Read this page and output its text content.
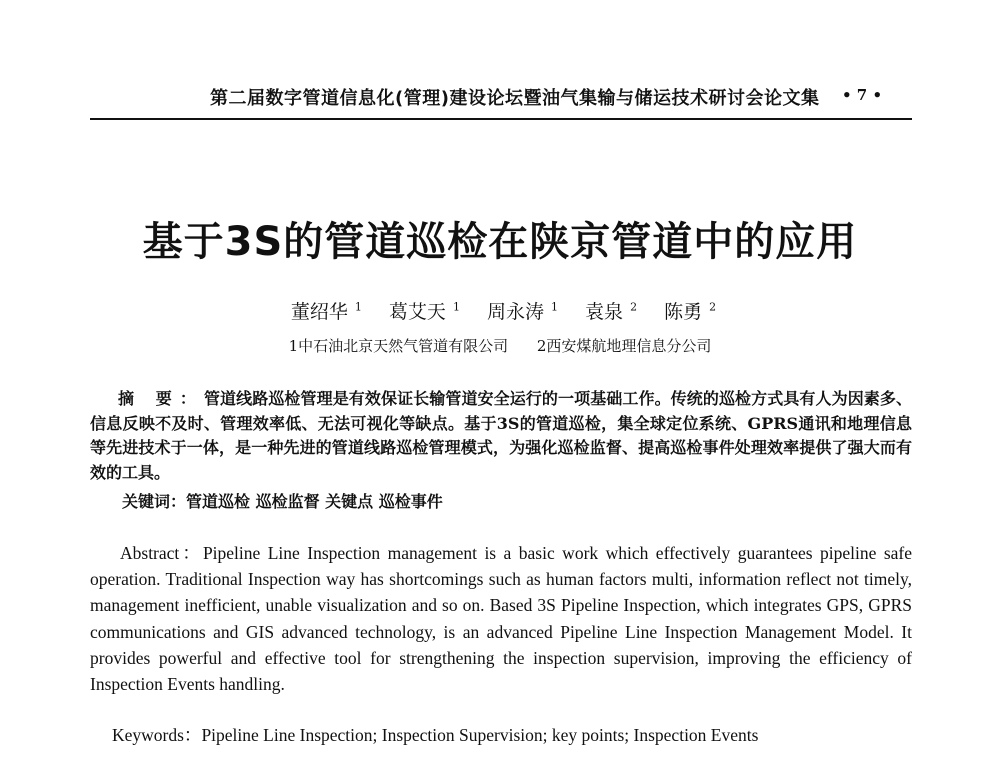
第二届数字管道信息化(管理)建设论坛暨油气集输与储运技术研讨会论文集 • 7 •
基于3S的管道巡检在陕京管道中的应用
董绍华 $^1$ 葛艾天 $^1$ 周永涛 $^1$ 袁泉 $^2$ 陈勇 $^2$
1中石油北京天然气管道有限公司 2西安煤航地理信息分公司
摘 要：管道线路巡检管理是有效保证长输管道安全运行的一项基础工作。传统的巡检方式具有人为因素多、信息反映不及时、管理效率低、无法可视化等缺点。基于3S的管道巡检，集全球定位系统、GPRS通讯和地理信息等先进技术于一体，是一种先进的管道线路巡检管理模式，为强化巡检监督、提高巡检事件处理效率提供了强大而有效的工具。
关键词：管道巡检 巡检监督 关键点 巡检事件
Abstract：Pipeline Line Inspection management is a basic work which effectively guarantees pipeline safe operation. Traditional Inspection way has shortcomings such as human factors multi, information reflect not timely, management inefficient, unable visualization and so on. Based 3S Pipeline Inspection, which integrates GPS, GPRS communications and GIS advanced technology, is an advanced Pipeline Line Inspection Management Model. It provides powerful and effective tool for strengthening the inspection supervision, improving the efficiency of Inspection Events handling.
Keywords：Pipeline Line Inspection; Inspection Supervision; key points; Inspection Events
